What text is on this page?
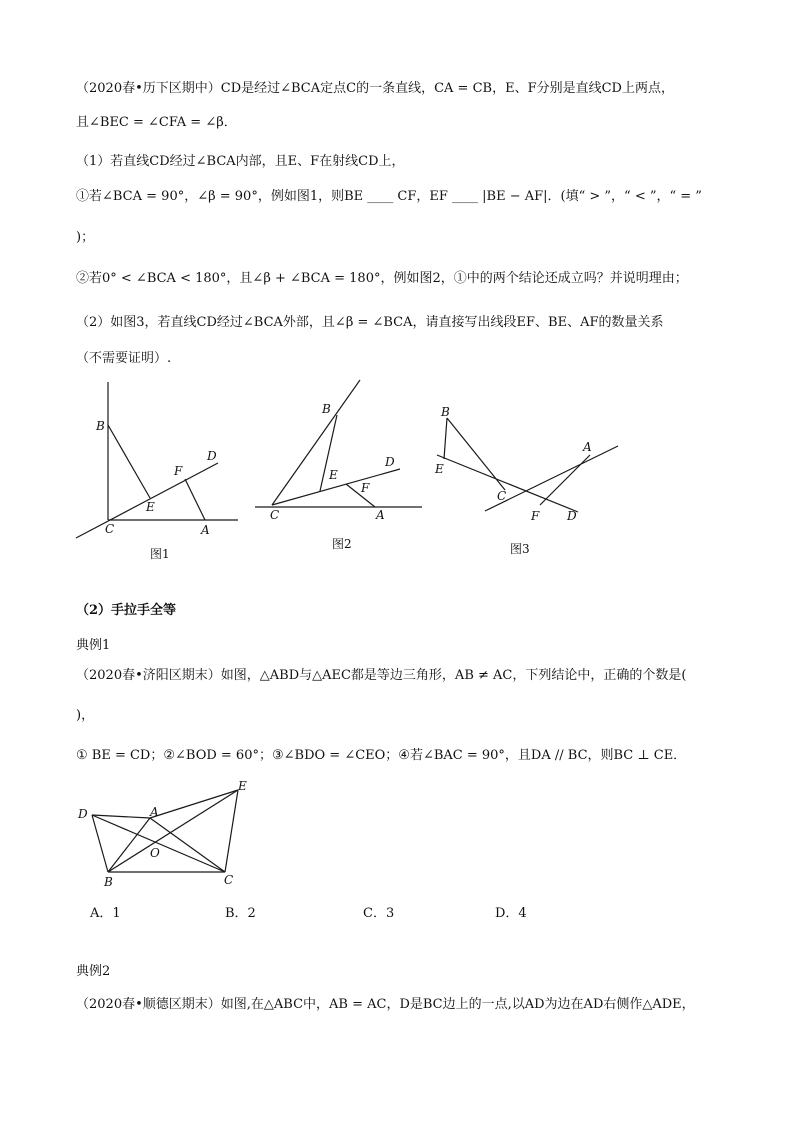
（2020春•历下区期中）CD是经过∠BCA定点C的一条直线，CA = CB，E、F分别是直线CD上两点，
且∠BEC = ∠CFA = ∠β．
（1）若直线CD经过∠BCA内部，且E、F在射线CD上，
①若∠BCA = 90°，∠β = 90°，例如图1，则BE ____ CF，EF ____ |BE − AF|．(填“ > ”，“ < ”，“ = ”
)；
②若0° < ∠BCA < 180°，且∠β + ∠BCA = 180°，例如图2，①中的两个结论还成立吗？并说明理由；
（2）如图3，若直线CD经过∠BCA外部，且∠β = ∠BCA，请直接写出线段EF、BE、AF的数量关系
（不需要证明）.
B
C
D
E
F
A
B
C
D
E
F
A
B
E
C
F D
A
图1
图2	图3
（2）手拉手全等
典例1
（2020春•济阳区期末）如图，△ABD与△AEC都是等边三角形，AB ≠ AC，下列结论中，正确的个数是(
)，
① BE = CD；②∠BOD = 60°；③∠BDO = ∠CEO；④若∠BAC = 90°，且DA // BC，则BC ⊥ CE．
D	A
E
O
B	C
A．1	B．2	C．3	D．4
典例2
（2020春•顺德区期末）如图,在△ABC中，AB = AC，D是BC边上的一点,以AD为边在AD右侧作△ADE，
